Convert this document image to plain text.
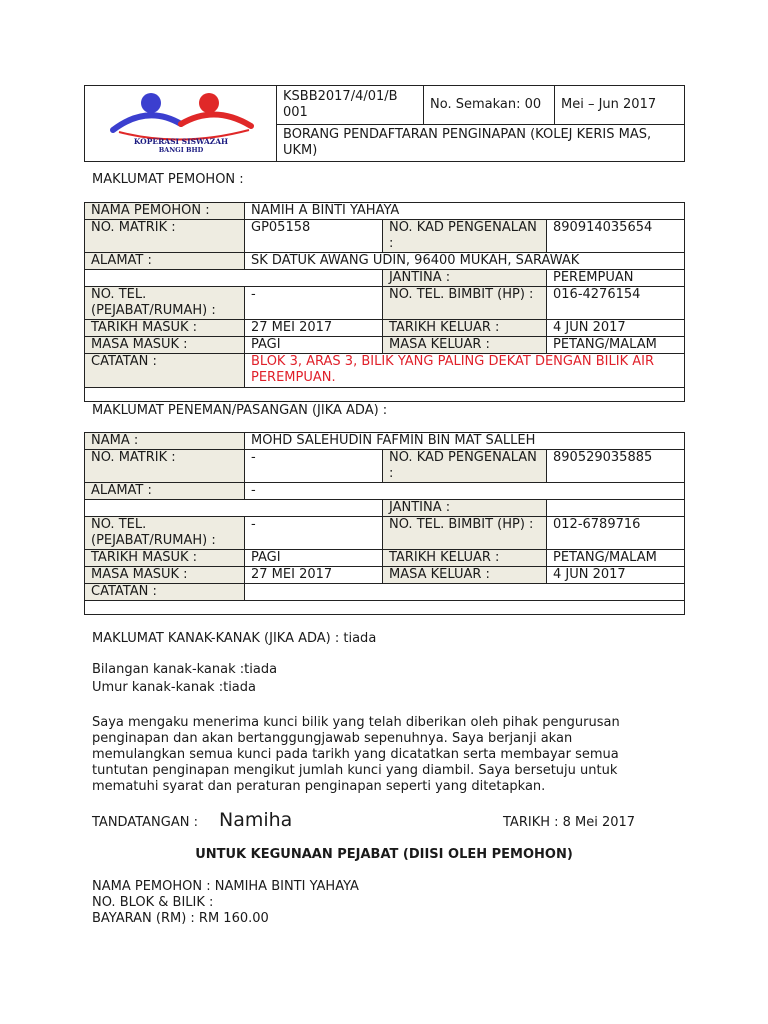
KOPERASI SISWAZAH
BANGI BHD
	KSBB2017/4/01/B 001	No. Semakan: 00	Mei – Jun 2017
BORANG PENDAFTARAN PENGINAPAN (KOLEJ KERIS MAS, UKM)
MAKLUMAT PEMOHON :
NAMA PEMOHON :	NAMIH A BINTI YAHAYA		
NO. MATRIK :	GP05158	NO. KAD PENGENALAN :	890914035654
ALAMAT :	SK DATUK AWANG UDIN, 96400 MUKAH, SARAWAK		
		JANTINA :	PEREMPUAN
NO. TEL. (PEJABAT/RUMAH) :	-	NO. TEL. BIMBIT (HP) :	016-4276154
TARIKH MASUK :	27 MEI 2017	TARIKH KELUAR :	4 JUN 2017
MASA MASUK :	PAGI	MASA KELUAR :	PETANG/MALAM
CATATAN :	BLOK 3, ARAS 3, BILIK YANG PALING DEKAT DENGAN BILIK AIR PEREMPUAN.		

MAKLUMAT PENEMAN/PASANGAN (JIKA ADA) :
NAMA :	MOHD SALEHUDIN FAFMIN BIN MAT SALLEH		
NO. MATRIK :	-	NO. KAD PENGENALAN :	890529035885
ALAMAT :	-		
		JANTINA :	
NO. TEL. (PEJABAT/RUMAH) :	-	NO. TEL. BIMBIT (HP) :	012-6789716
TARIKH MASUK :	PAGI	TARIKH KELUAR :	PETANG/MALAM
MASA MASUK :	27 MEI 2017	MASA KELUAR :	4 JUN 2017
CATATAN :			

MAKLUMAT KANAK-KANAK (JIKA ADA) : tiada
Bilangan kanak-kanak :tiada
Umur kanak-kanak :tiada
Saya mengaku menerima kunci bilik yang telah diberikan oleh pihak pengurusan
penginapan dan akan bertanggungjawab sepenuhnya. Saya berjanji akan
memulangkan semua kunci pada tarikh yang dicatatkan serta membayar semua
tuntutan penginapan mengikut jumlah kunci yang diambil. Saya bersetuju untuk
mematuhi syarat dan peraturan penginapan seperti yang ditetapkan.
TANDATANGAN : Namiha	TARIKH : 8 Mei 2017
UNTUK KEGUNAAN PEJABAT (DIISI OLEH PEMOHON)
NAMA PEMOHON : NAMIHA BINTI YAHAYA
NO. BLOK & BILIK :
BAYARAN (RM) : RM 160.00
